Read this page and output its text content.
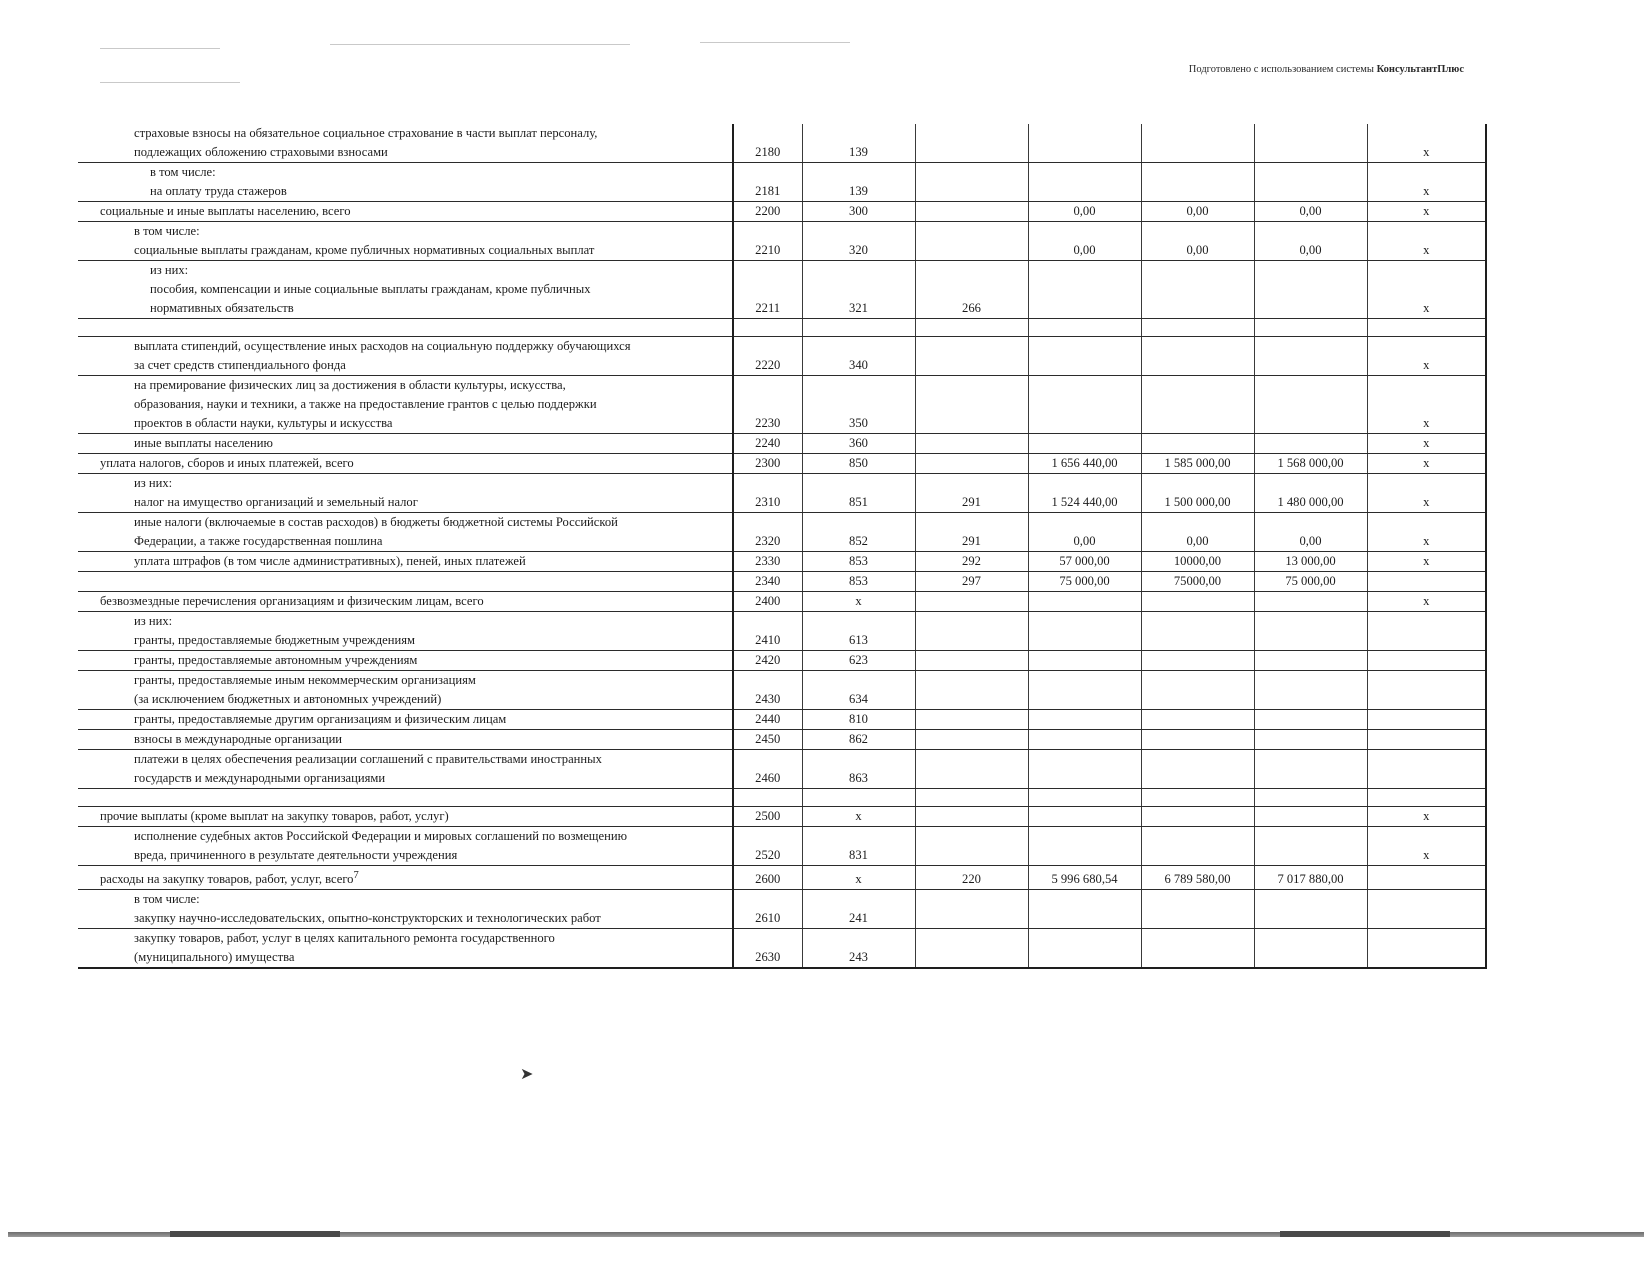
Подготовлено с использованием системы КонсультантПлюс
страховые взносы на обязательное социальное страхование в части выплат персоналу,
подлежащих обложению страховыми взносами	2180	139					х

в том числе:
на оплату труда стажеров	2181	139					х

социальные и иные выплаты населению, всего	2200	300		0,00	0,00	0,00	х

в том числе:
социальные выплаты гражданам, кроме публичных нормативных социальных выплат	2210	320		0,00	0,00	0,00	х

из них:
пособия, компенсации и иные социальные выплаты гражданам, кроме публичных
нормативных обязательств	2211	321	266				х

выплата стипендий, осуществление иных расходов на социальную поддержку обучающихся
за счет средств стипендиального фонда	2220	340					х

на премирование физических лиц за достижения в области культуры, искусства,
образования, науки и техники, а также на предоставление грантов с целью поддержки
проектов в области науки, культуры и искусства	2230	350					х

иные выплаты населению	2240	360					х

уплата налогов, сборов и иных платежей, всего	2300	850		1 656 440,00	1 585 000,00	1 568 000,00	х

из них:
налог на имущество организаций и земельный налог	2310	851	291	1 524 440,00	1 500 000,00	1 480 000,00	х

иные налоги (включаемые в состав расходов) в бюджеты бюджетной системы Российской
Федерации, а также государственная пошлина	2320	852	291	0,00	0,00	0,00	х

уплата штрафов (в том числе административных), пеней, иных платежей	2330	853	292	57 000,00	10000,00	13 000,00	х

	2340	853	297	75 000,00	75000,00	75 000,00	

безвозмездные перечисления организациям и физическим лицам, всего	2400	х					х

из них:
гранты, предоставляемые бюджетным учреждениям	2410	613					

гранты, предоставляемые автономным учреждениям	2420	623					

гранты, предоставляемые иным некоммерческим организациям
(за исключением бюджетных и автономных учреждений)	2430	634					

гранты, предоставляемые другим организациям и физическим лицам	2440	810					

взносы в международные организации	2450	862					

платежи в целях обеспечения реализации соглашений с правительствами иностранных
государств и международными организациями	2460	863					

прочие выплаты (кроме выплат на закупку товаров, работ, услуг)	2500	х					х

исполнение судебных актов Российской Федерации и мировых соглашений по возмещению
вреда, причиненного в результате деятельности учреждения	2520	831					х

расходы на закупку товаров, работ, услуг, всего$^7$	2600	х	220	5 996 680,54	6 789 580,00	7 017 880,00	

в том числе:
закупку научно-исследовательских, опытно-конструкторских и технологических работ	2610	241					

закупку товаров, работ, услуг в целях капитального ремонта государственного
(муниципального) имущества	2630	243					
➤
